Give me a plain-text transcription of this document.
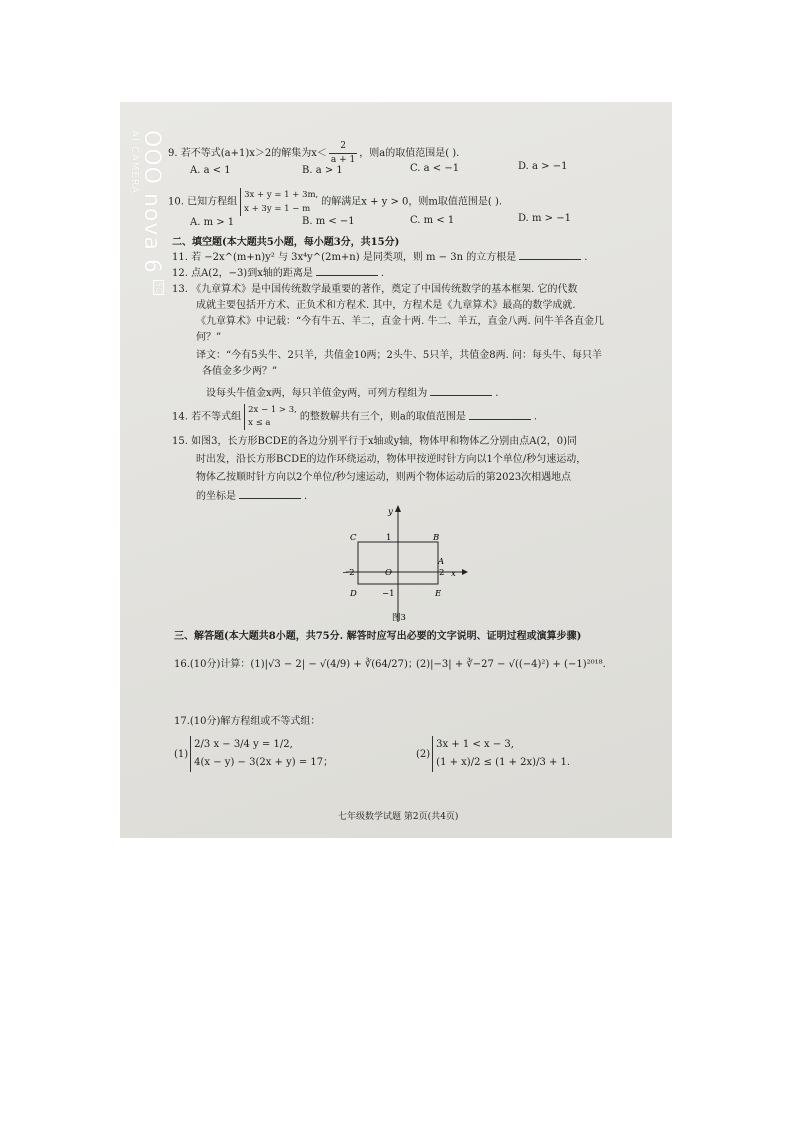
9. 若不等式(a+1)x＞2的解集为$x< \frac{2}{a + 1}$ ，则a的取值范围是( ).
A. a < 1	B. a > 1	C. a < −1	D. a > −1
10. 已知方程组
3x + y = 1 + 3m,
x + 3y = 1 − m
的解满足x + y > 0，则m取值范围是( ).
A. m > 1	B. m < −1	C. m < 1	D. m > −1
二、填空题(本大题共5小题，每小题3分，共15分)
11. 若 −2x^(m+n)y² 与 3x⁴y^(2m+n) 是同类项，则 m − 3n 的立方根是	.
12. 点A(2，−3)到x轴的距离是	.
13. 《九章算术》是中国传统数学最重要的著作，奠定了中国传统数学的基本框架. 它的代数
成就主要包括开方术、正负术和方程术. 其中，方程术是《九章算术》最高的数学成就.
《九章算术》中记载：“今有牛五、羊二，直金十两. 牛二、羊五，直金八两. 问牛羊各直金几
何？”
译文：“今有5头牛、2只羊，共值金10两；2头牛、5只羊，共值金8两. 问：每头牛、每只羊
各值金多少两？”
设每头牛值金x两，每只羊值金y两，可列方程组为	.
14. 若不等式组
2x − 1 > 3,
x ≤ a
的整数解共有三个，则a的取值范围是	.
15. 如图3，长方形BCDE的各边分别平行于x轴或y轴，物体甲和物体乙分别由点A(2，0)同
时出发，沿长方形BCDE的边作环绕运动，物体甲按逆时针方向以1个单位/秒匀速运动，
物体乙按顺时针方向以2个单位/秒匀速运动，则两个物体运动后的第2023次相遇地点
的坐标是	.
y
x
C	B
1
A
−2	O	2
D	−1	E
图3
三、解答题(本大题共8小题，共75分. 解答时应写出必要的文字说明、证明过程或演算步骤)
16.(10分)计算：(1)|√3 − 2| − √(4/9) + ∛(64/27)；
(2)|−3| + ∛−27 − √((−4)²) + (−1)²⁰¹⁸.
17.(10分)解方程组或不等式组：
(1)
2/3 x − 3/4 y = 1/2,
4(x − y) − 3(2x + y) = 17；
(2)
3x + 1 < x − 3,
(1 + x)/2 ≤ (1 + 2x)/3 + 1.
七年级数学试题 第2页(共4页)
OOO nova 6
AI CAMERA
5G
